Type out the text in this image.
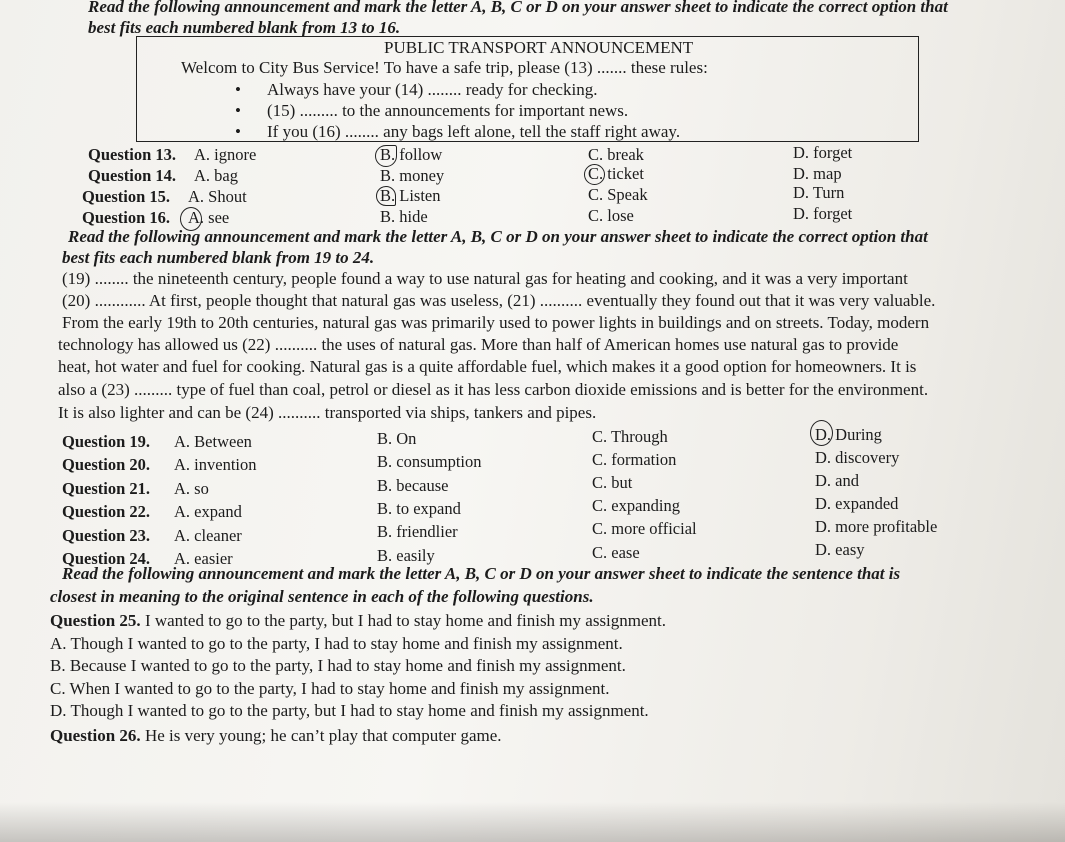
Read the following announcement and mark the letter A, B, C or D on your answer sheet to indicate the correct option that
best fits each numbered blank from 13 to 16.
PUBLIC TRANSPORT ANNOUNCEMENT
Welcom to City Bus Service! To have a safe trip, please (13) ....... these rules:
• Always have your (14) ........ ready for checking.
• (15) ......... to the announcements for important news.
• If you (16) ........ any bags left alone, tell the staff right away.
Question 13. A. ignore	B. follow	C. break	D. forget
Question 14. A. bag	B. money	C. ticket	D. map
Question 15. A. Shout	B. Listen	C. Speak	D. Turn
Question 16. A. see	B. hide	C. lose	D. forget
Read the following announcement and mark the letter A, B, C or D on your answer sheet to indicate the correct option that
best fits each numbered blank from 19 to 24.
(19) ........ the nineteenth century, people found a way to use natural gas for heating and cooking, and it was a very important
(20) ............ At first, people thought that natural gas was useless, (21) .......... eventually they found out that it was very valuable.
From the early 19th to 20th centuries, natural gas was primarily used to power lights in buildings and on streets. Today, modern
technology has allowed us (22) .......... the uses of natural gas. More than half of American homes use natural gas to provide
heat, hot water and fuel for cooking. Natural gas is a quite affordable fuel, which makes it a good option for homeowners. It is
also a (23) ......... type of fuel than coal, petrol or diesel as it has less carbon dioxide emissions and is better for the environment.
It is also lighter and can be (24) .......... transported via ships, tankers and pipes.
Question 19. A. Between	B. On	C. Through	D. During
Question 20. A. invention	B. consumption	C. formation	D. discovery
Question 21. A. so	B. because	C. but	D. and
Question 22. A. expand	B. to expand	C. expanding	D. expanded
Question 23. A. cleaner	B. friendlier	C. more official	D. more profitable
Question 24. A. easier	B. easily	C. ease	D. easy
Read the following announcement and mark the letter A, B, C or D on your answer sheet to indicate the sentence that is
closest in meaning to the original sentence in each of the following questions.
Question 25. I wanted to go to the party, but I had to stay home and finish my assignment.
A. Though I wanted to go to the party, I had to stay home and finish my assignment.
B. Because I wanted to go to the party, I had to stay home and finish my assignment.
C. When I wanted to go to the party, I had to stay home and finish my assignment.
D. Though I wanted to go to the party, but I had to stay home and finish my assignment.
Question 26. He is very young; he can’t play that computer game.
